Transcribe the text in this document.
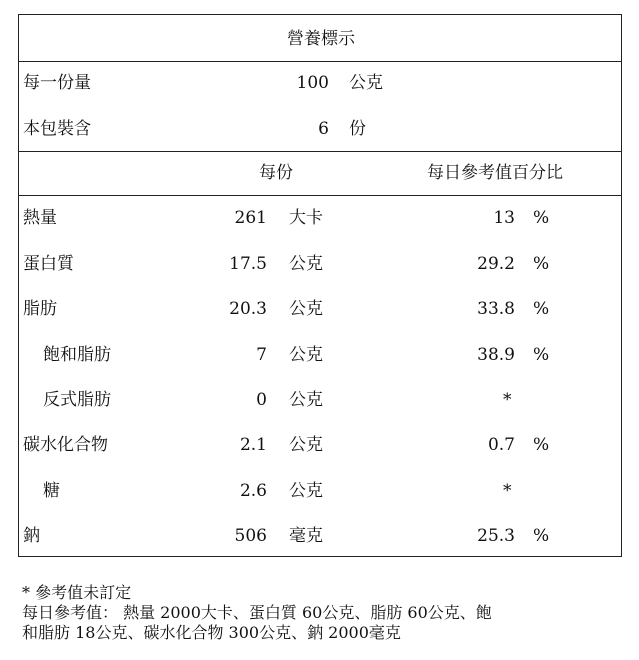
營養標示
每一份量	100 公克
本包裝含	6 份
每份	每日參考值百分比
熱量	261 大卡	13 %
蛋白質	17.5 公克	29.2 %
脂肪	20.3 公克	33.8 %
飽和脂肪	7 公克	38.9 %
反式脂肪	0 公克	*
碳水化合物	2.1 公克	0.7 %
糖	2.6 公克	*
鈉	506 毫克	25.3 %
* 參考值未訂定
每日參考值： 熱量 2000大卡、蛋白質 60公克、脂肪 60公克、飽
和脂肪 18公克、碳水化合物 300公克、鈉 2000毫克
